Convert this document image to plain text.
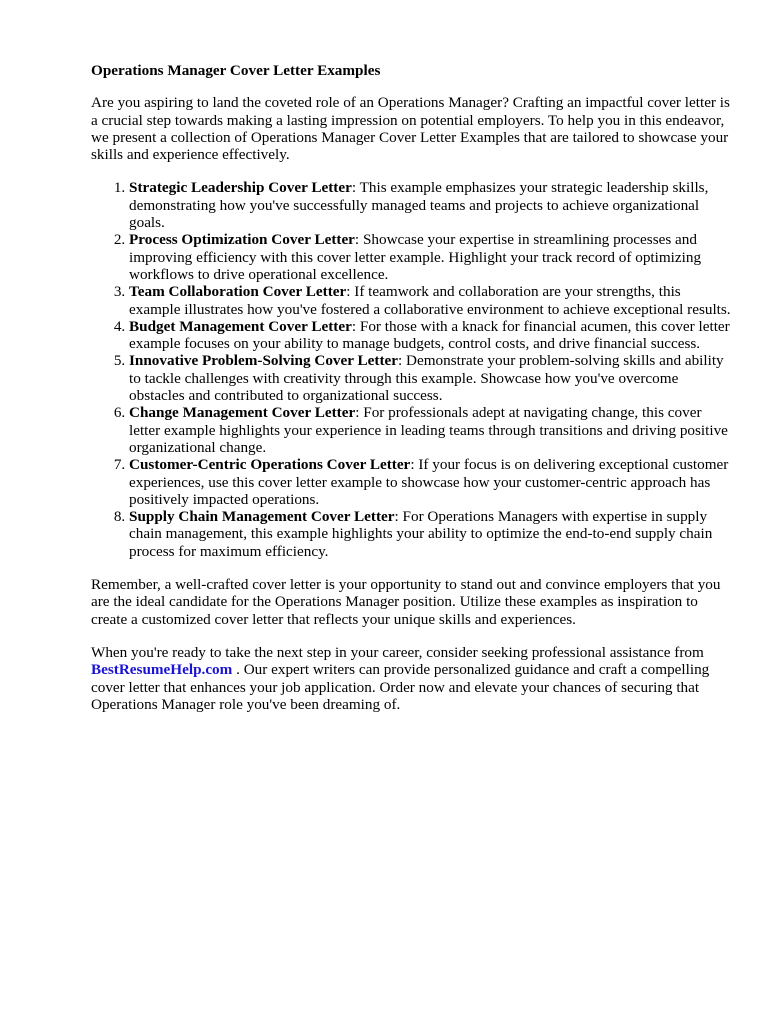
Operations Manager Cover Letter Examples

Are you aspiring to land the coveted role of an Operations Manager? Crafting an impactful cover letter is a crucial step towards making a lasting impression on potential employers. To help you in this endeavor, we present a collection of Operations Manager Cover Letter Examples that are tailored to showcase your skills and experience effectively.

1. Strategic Leadership Cover Letter: This example emphasizes your strategic leadership skills, demonstrating how you've successfully managed teams and projects to achieve organizational goals.
2. Process Optimization Cover Letter: Showcase your expertise in streamlining processes and improving efficiency with this cover letter example. Highlight your track record of optimizing workflows to drive operational excellence.
3. Team Collaboration Cover Letter: If teamwork and collaboration are your strengths, this example illustrates how you've fostered a collaborative environment to achieve exceptional results.
4. Budget Management Cover Letter: For those with a knack for financial acumen, this cover letter example focuses on your ability to manage budgets, control costs, and drive financial success.
5. Innovative Problem-Solving Cover Letter: Demonstrate your problem-solving skills and ability to tackle challenges with creativity through this example. Showcase how you've overcome obstacles and contributed to organizational success.
6. Change Management Cover Letter: For professionals adept at navigating change, this cover letter example highlights your experience in leading teams through transitions and driving positive organizational change.
7. Customer-Centric Operations Cover Letter: If your focus is on delivering exceptional customer experiences, use this cover letter example to showcase how your customer-centric approach has positively impacted operations.
8. Supply Chain Management Cover Letter: For Operations Managers with expertise in supply chain management, this example highlights your ability to optimize the end-to-end supply chain process for maximum efficiency.

Remember, a well-crafted cover letter is your opportunity to stand out and convince employers that you are the ideal candidate for the Operations Manager position. Utilize these examples as inspiration to create a customized cover letter that reflects your unique skills and experiences.

When you're ready to take the next step in your career, consider seeking professional assistance from BestResumeHelp.com . Our expert writers can provide personalized guidance and craft a compelling cover letter that enhances your job application. Order now and elevate your chances of securing that Operations Manager role you've been dreaming of.
